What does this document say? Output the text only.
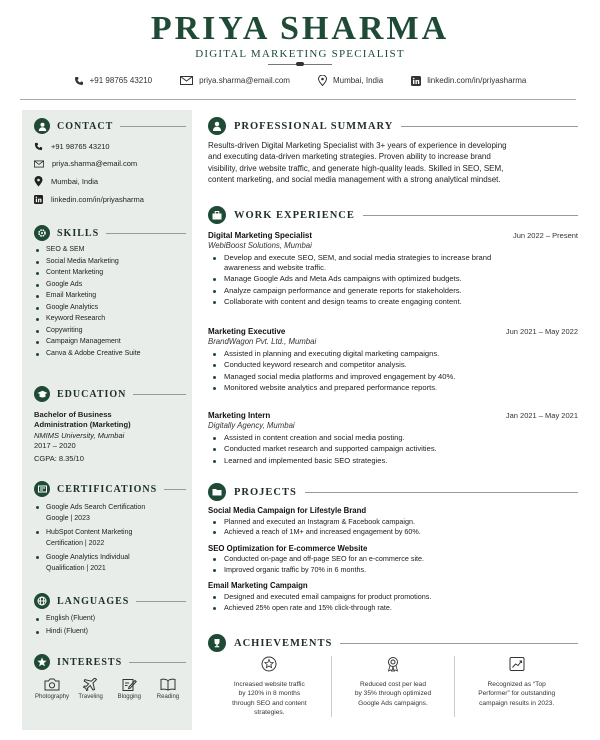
PRIYA SHARMA
DIGITAL MARKETING SPECIALIST
+91 98765 43210	priya.sharma@email.com	Mumbai, India	linkedin.com/in/priyasharma
CONTACT
+91 98765 43210
priya.sharma@email.com
Mumbai, India
linkedin.com/in/priyasharma
SKILLS
SEO & SEM
Social Media Marketing
Content Marketing
Google Ads
Email Marketing
Google Analytics
Keyword Research
Copywriting
Campaign Management
Canva & Adobe Creative Suite
EDUCATION
Bachelor of Business
Administration (Marketing)
NMIMS University, Mumbai
2017 – 2020
CGPA: 8.35/10
CERTIFICATIONS
Google Ads Search Certification
Google | 2023
HubSpot Content Marketing
Certification | 2022
Google Analytics Individual
Qualification | 2021
LANGUAGES
English (Fluent)
Hindi (Fluent)
INTERESTS
Photography	Traveling	Blogging	Reading
PROFESSIONAL SUMMARY
Results-driven Digital Marketing Specialist with 3+ years of experience in developing
and executing data-driven marketing strategies. Proven ability to increase brand
visibility, drive website traffic, and generate high-quality leads. Skilled in SEO, SEM,
content marketing, and social media management with a strong analytical mindset.
WORK EXPERIENCE
Digital Marketing Specialist	Jun 2022 – Present
WebiBoost Solutions, Mumbai
Develop and execute SEO, SEM, and social media strategies to increase brand
awareness and website traffic.
Manage Google Ads and Meta Ads campaigns with optimized budgets.
Analyze campaign performance and generate reports for stakeholders.
Collaborate with content and design teams to create engaging content.
Marketing Executive	Jun 2021 – May 2022
BrandWagon Pvt. Ltd., Mumbai
Assisted in planning and executing digital marketing campaigns.
Conducted keyword research and competitor analysis.
Managed social media platforms and improved engagement by 40%.
Monitored website analytics and prepared performance reports.
Marketing Intern	Jan 2021 – May 2021
Digitally Agency, Mumbai
Assisted in content creation and social media posting.
Conducted market research and supported campaign activities.
Learned and implemented basic SEO strategies.
PROJECTS
Social Media Campaign for Lifestyle Brand
Planned and executed an Instagram & Facebook campaign.
Achieved a reach of 1M+ and increased engagement by 60%.
SEO Optimization for E-commerce Website
Conducted on-page and off-page SEO for an e-commerce site.
Improved organic traffic by 70% in 6 months.
Email Marketing Campaign
Designed and executed email campaigns for product promotions.
Achieved 25% open rate and 15% click-through rate.
ACHIEVEMENTS
Increased website traffic
by 120% in 8 months
through SEO and content
strategies.
Reduced cost per lead
by 35% through optimized
Google Ads campaigns.
Recognized as “Top
Performer” for outstanding
campaign results in 2023.
